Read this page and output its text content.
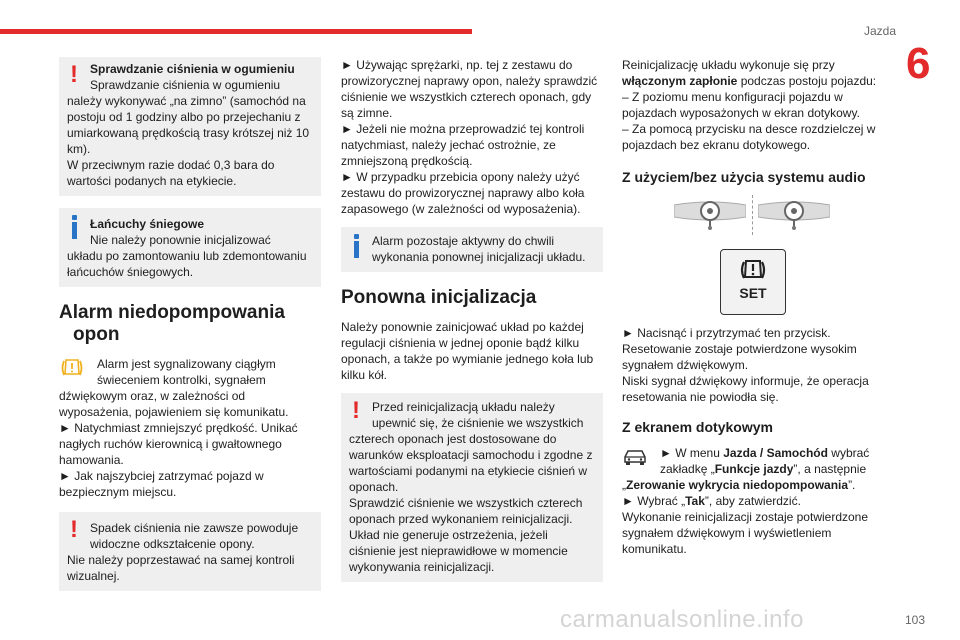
Jazda
6
!	Sprawdzanie ciśnienia w ogumieniu

Sprawdzanie ciśnienia w ogumieniu

należy wykonywać „na zimno” (samochód na postoju od 1 godziny albo po przejechaniu z umiarkowaną prędkością trasy krótszej niż 10 km).

W przeciwnym razie dodać 0,3 bara do wartości podanych na etykiecie.

Łańcuchy śniegowe

Nie należy ponownie inicjalizować

układu po zamontowaniu lub zdemontowaniu łańcuchów śniegowych.

Alarm niedopompowania
opon

Alarm jest sygnalizowany ciągłym świeceniem kontrolki, sygnałem

dźwiękowym oraz, w zależności od wyposażenia, pojawieniem się komunikatu.

► Natychmiast zmniejszyć prędkość. Unikać nagłych ruchów kierownicą i gwałtownego hamowania.

► Jak najszybciej zatrzymać pojazd w bezpiecznym miejscu.

!	Spadek ciśnienia nie zawsze powoduje widoczne odkształcenie opony.

Nie należy poprzestawać na samej kontroli wizualnej.

► Używając sprężarki, np. tej z zestawu do prowizorycznej naprawy opon, należy sprawdzić ciśnienie we wszystkich czterech oponach, gdy są zimne.

► Jeżeli nie można przeprowadzić tej kontroli natychmiast, należy jechać ostrożnie, ze zmniejszoną prędkością.

► W przypadku przebicia opony należy użyć zestawu do prowizorycznej naprawy albo koła zapasowego (w zależności od wyposażenia).

Alarm pozostaje aktywny do chwili wykonania ponownej inicjalizacji układu.

Ponowna inicjalizacja

Należy ponownie zainicjować układ po każdej regulacji ciśnienia w jednej oponie bądź kilku oponach, a także po wymianie jednego koła lub kilku kół.

!	Przed reinicjalizacją układu należy upewnić się, że ciśnienie we wszystkich

czterech oponach jest dostosowane do warunków eksploatacji samochodu i zgodne z wartościami podanymi na etykiecie ciśnień w oponach.

Sprawdzić ciśnienie we wszystkich czterech oponach przed wykonaniem reinicjalizacji.

Układ nie generuje ostrzeżenia, jeżeli ciśnienie jest nieprawidłowe w momencie wykonywania reinicjalizacji.

Reinicjalizację układu wykonuje się przy włączonym zapłonie podczas postoju pojazdu:

– Z poziomu menu konfiguracji pojazdu w pojazdach wyposażonych w ekran dotykowy.

– Za pomocą przycisku na desce rozdzielczej w pojazdach bez ekranu dotykowego.

Z użyciem/bez użycia systemu audio
SET

► Nacisnąć i przytrzymać ten przycisk.

Resetowanie zostaje potwierdzone wysokim sygnałem dźwiękowym.

Niski sygnał dźwiękowy informuje, że operacja resetowania nie powiodła się.

Z ekranem dotykowym

► W menu Jazda / Samochód wybrać

zakładkę „Funkcje jazdy”, a następnie

„Zerowanie wykrycia niedopompowania”.

► Wybrać „Tak”, aby zatwierdzić.

Wykonanie reinicjalizacji zostaje potwierdzone sygnałem dźwiękowym i wyświetleniem komunikatu.

103
carmanualsonline.info
